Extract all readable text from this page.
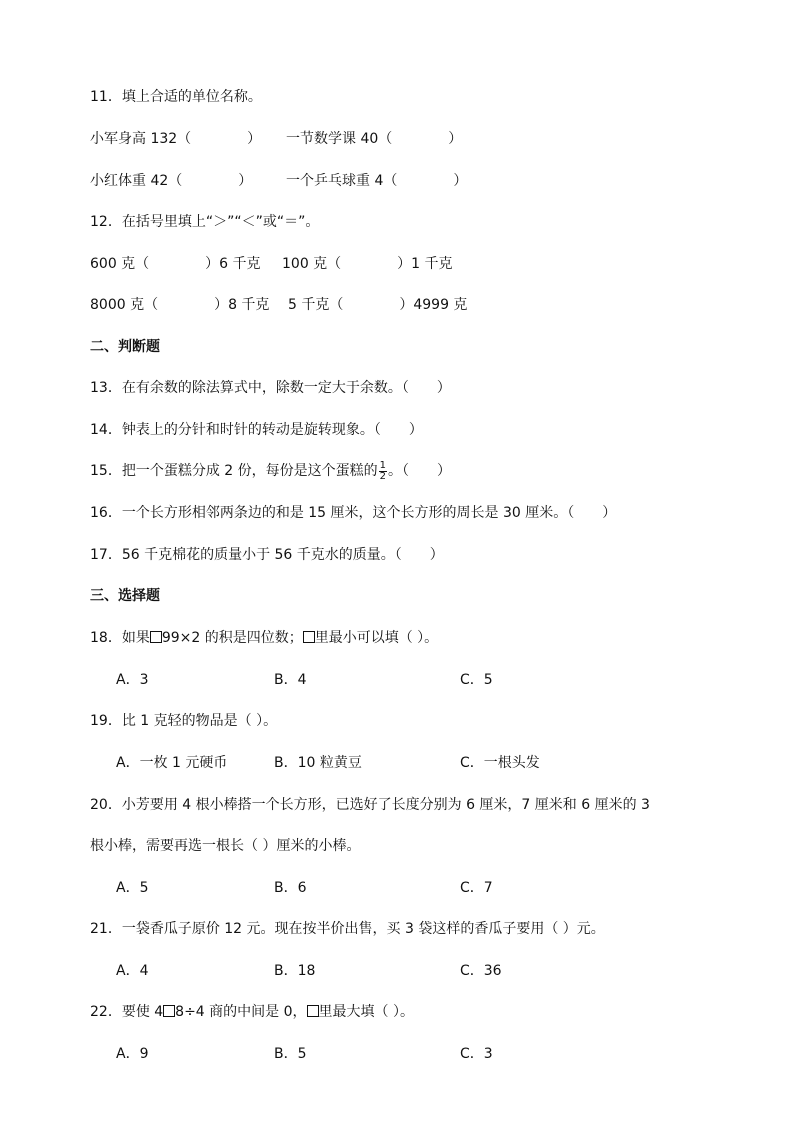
11．填上合适的单位名称。
小军身高 132（　　　　） 一节数学课 40（　　　　）
小红体重 42（　　　　） 一个乒乓球重 4（　　　　）
12．在括号里填上“＞”“＜”或“＝”。
600 克（　　　　）6 千克 100 克（　　　　）1 千克
8000 克（　　　　）8 千克 5 千克（　　　　）4999 克
二、判断题
13．在有余数的除法算式中，除数一定大于余数。（　　）
14．钟表上的分针和时针的转动是旋转现象。（　　）
15．把一个蛋糕分成 2 份，每份是这个蛋糕的 $\frac{1}{2}$ 。（　　）
16．一个长方形相邻两条边的和是 15 厘米，这个长方形的周长是 30 厘米。（　　）
17．56 千克棉花的质量小于 56 千克水的质量。（　　）
三、选择题
18．如果 99×2 的积是四位数； 里最小可以填（ ）。
A．3	B．4	C．5
19．比 1 克轻的物品是（ ）。
A．一枚 1 元硬币	B．10 粒黄豆	C．一根头发
20．小芳要用 4 根小棒搭一个长方形，已选好了长度分别为 6 厘米，7 厘米和 6 厘米的 3
根小棒，需要再选一根长（ ）厘米的小棒。
A．5	B．6	C．7
21．一袋香瓜子原价 12 元。现在按半价出售，买 3 袋这样的香瓜子要用（ ）元。
A．4	B．18	C．36
22．要使 4 8÷4 商的中间是 0， 里最大填（ ）。
A．9	B．5	C．3
